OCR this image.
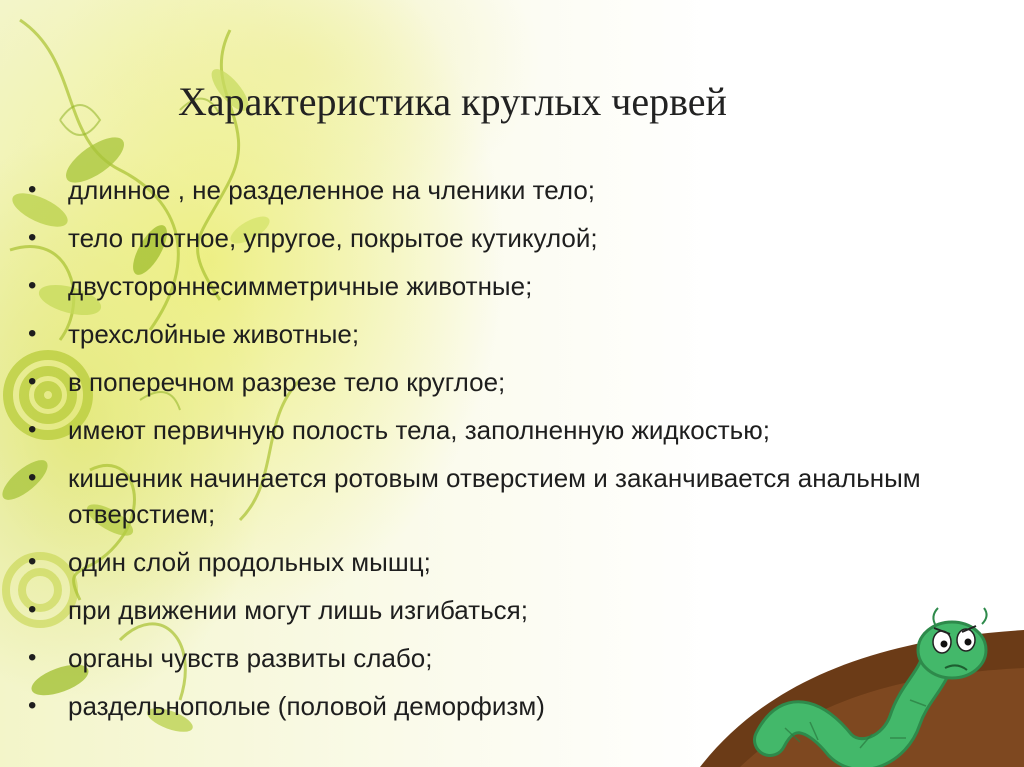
Характеристика круглых червей
•	длинное , не разделенное на членики тело;
•	тело плотное, упругое, покрытое кутикулой;
•	двустороннесимметричные животные;
•	трехслойные животные;
•	в поперечном разрезе тело круглое;
•	имеют первичную полость тела, заполненную жидкостью;
•	кишечник начинается ротовым отверстием и заканчивается анальным отверстием;
•	один слой продольных мышц;
•	при движении могут лишь изгибаться;
•	органы чувств развиты слабо;
•	раздельнополые (половой деморфизм)
